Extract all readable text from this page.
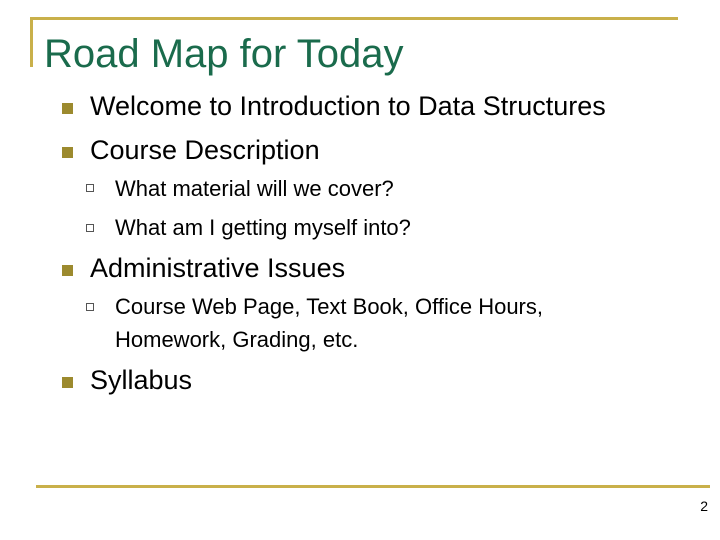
Road Map for Today
Welcome to Introduction to Data Structures
Course Description
What material will we cover?
What am I getting myself into?
Administrative Issues
Course Web Page, Text Book, Office Hours,
Homework, Grading, etc.
Syllabus
2
